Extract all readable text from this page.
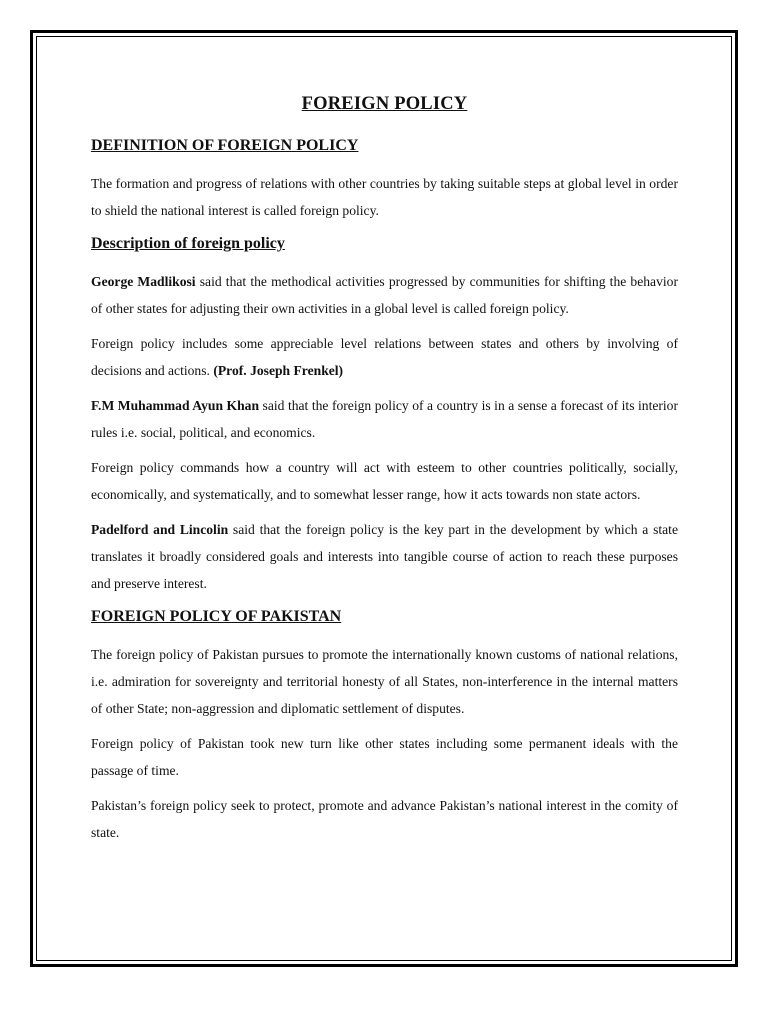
FOREIGN POLICY
DEFINITION OF FOREIGN POLICY

The formation and progress of relations with other countries by taking suitable steps at global level in order to shield the national interest is called foreign policy.

Description of foreign policy

George Madlikosi said that the methodical activities progressed by communities for shifting the behavior of other states for adjusting their own activities in a global level is called foreign policy.

Foreign policy includes some appreciable level relations between states and others by involving of decisions and actions. (Prof. Joseph Frenkel)

F.M Muhammad Ayun Khan said that the foreign policy of a country is in a sense a forecast of its interior rules i.e. social, political, and economics.

Foreign policy commands how a country will act with esteem to other countries politically, socially, economically, and systematically, and to somewhat lesser range, how it acts towards non state actors.

Padelford and Lincolin said that the foreign policy is the key part in the development by which a state translates it broadly considered goals and interests into tangible course of action to reach these purposes and preserve interest.

FOREIGN POLICY OF PAKISTAN

The foreign policy of Pakistan pursues to promote the internationally known customs of national relations, i.e. admiration for sovereignty and territorial honesty of all States, non-interference in the internal matters of other State; non-aggression and diplomatic settlement of disputes.

Foreign policy of Pakistan took new turn like other states including some permanent ideals with the passage of time.

Pakistan’s foreign policy seek to protect, promote and advance Pakistan’s national interest in the comity of state.
